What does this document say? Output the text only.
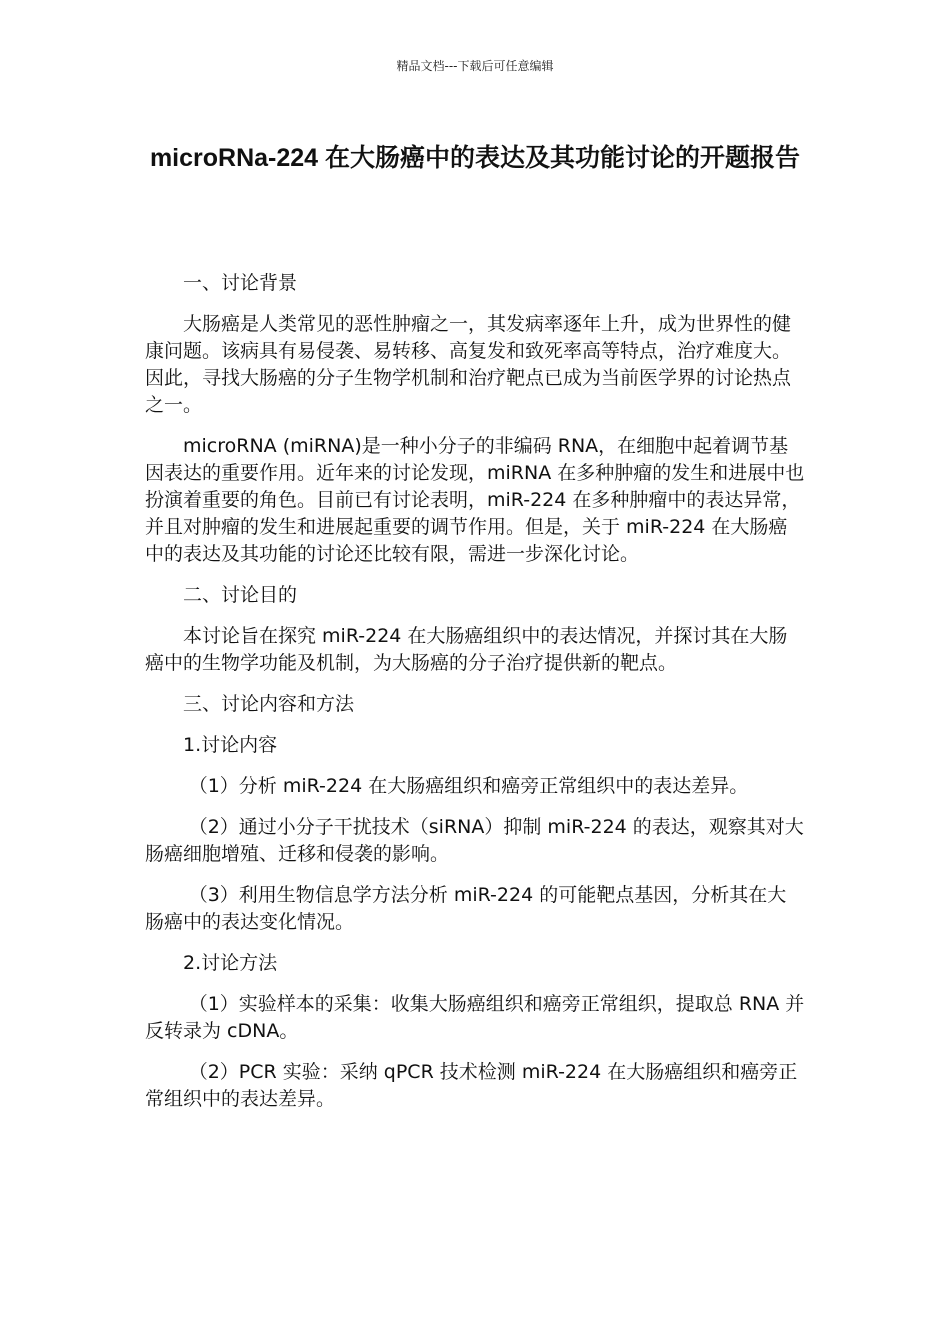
精品文档---下载后可任意编辑
microRNa-224 在大肠癌中的表达及其功能讨论的开题报告

一、讨论背景

大肠癌是人类常见的恶性肿瘤之一，其发病率逐年上升，成为世界性的健康问题。该病具有易侵袭、易转移、高复发和致死率高等特点，治疗难度大。因此，寻找大肠癌的分子生物学机制和治疗靶点已成为当前医学界的讨论热点之一。

microRNA (miRNA)是一种小分子的非编码 RNA，在细胞中起着调节基因表达的重要作用。近年来的讨论发现，miRNA 在多种肿瘤的发生和进展中也扮演着重要的角色。目前已有讨论表明，miR-224 在多种肿瘤中的表达异常，并且对肿瘤的发生和进展起重要的调节作用。但是，关于 miR-224 在大肠癌中的表达及其功能的讨论还比较有限，需进一步深化讨论。

二、讨论目的

本讨论旨在探究 miR-224 在大肠癌组织中的表达情况，并探讨其在大肠癌中的生物学功能及机制，为大肠癌的分子治疗提供新的靶点。

三、讨论内容和方法

1.讨论内容

（1）分析 miR-224 在大肠癌组织和癌旁正常组织中的表达差异。

（2）通过小分子干扰技术（siRNA）抑制 miR-224 的表达，观察其对大肠癌细胞增殖、迁移和侵袭的影响。

（3）利用生物信息学方法分析 miR-224 的可能靶点基因，分析其在大肠癌中的表达变化情况。

2.讨论方法

（1）实验样本的采集：收集大肠癌组织和癌旁正常组织，提取总 RNA 并反转录为 cDNA。

（2）PCR 实验：采纳 qPCR 技术检测 miR-224 在大肠癌组织和癌旁正常组织中的表达差异。
